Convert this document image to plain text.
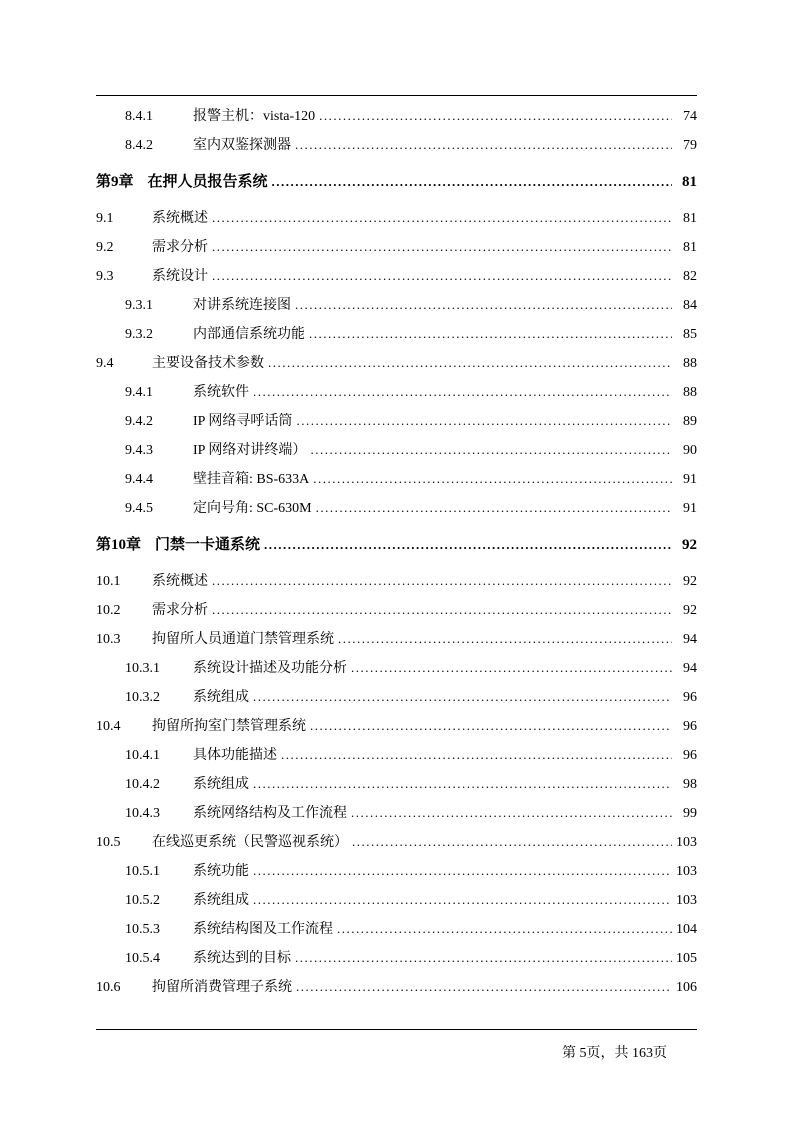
8.4.1	报警主机：vista-120 .....	74
8.4.2	室内双鉴探测器 .....	79
第9章 在押人员报告系统 .....	81
9.1	系统概述 .....	81
9.2	需求分析 .....	81
9.3	系统设计 .....	82
9.3.1	对讲系统连接图 .....	84
9.3.2	内部通信系统功能 .....	85
9.4	主要设备技术参数 .....	88
9.4.1	系统软件 .....	88
9.4.2	IP 网络寻呼话筒 .....	89
9.4.3	IP 网络对讲终端） .....	90
9.4.4	壁挂音箱: BS-633A .....	91
9.4.5	定向号角: SC-630M .....	91
第10章 门禁一卡通系统 .....	92
10.1	系统概述 .....	92
10.2	需求分析 .....	92
10.3	拘留所人员通道门禁管理系统 .....	94
10.3.1	系统设计描述及功能分析 .....	94
10.3.2	系统组成 .....	96
10.4	拘留所拘室门禁管理系统 .....	96
10.4.1	具体功能描述 .....	96
10.4.2	系统组成 .....	98
10.4.3	系统网络结构及工作流程 .....	99
10.5	在线巡更系统（民警巡视系统） .....	103
10.5.1	系统功能 .....	103
10.5.2	系统组成 .....	103
10.5.3	系统结构图及工作流程 .....	104
10.5.4	系统达到的目标 .....	105
10.6	拘留所消费管理子系统 .....	106
第 5页，共 163页
